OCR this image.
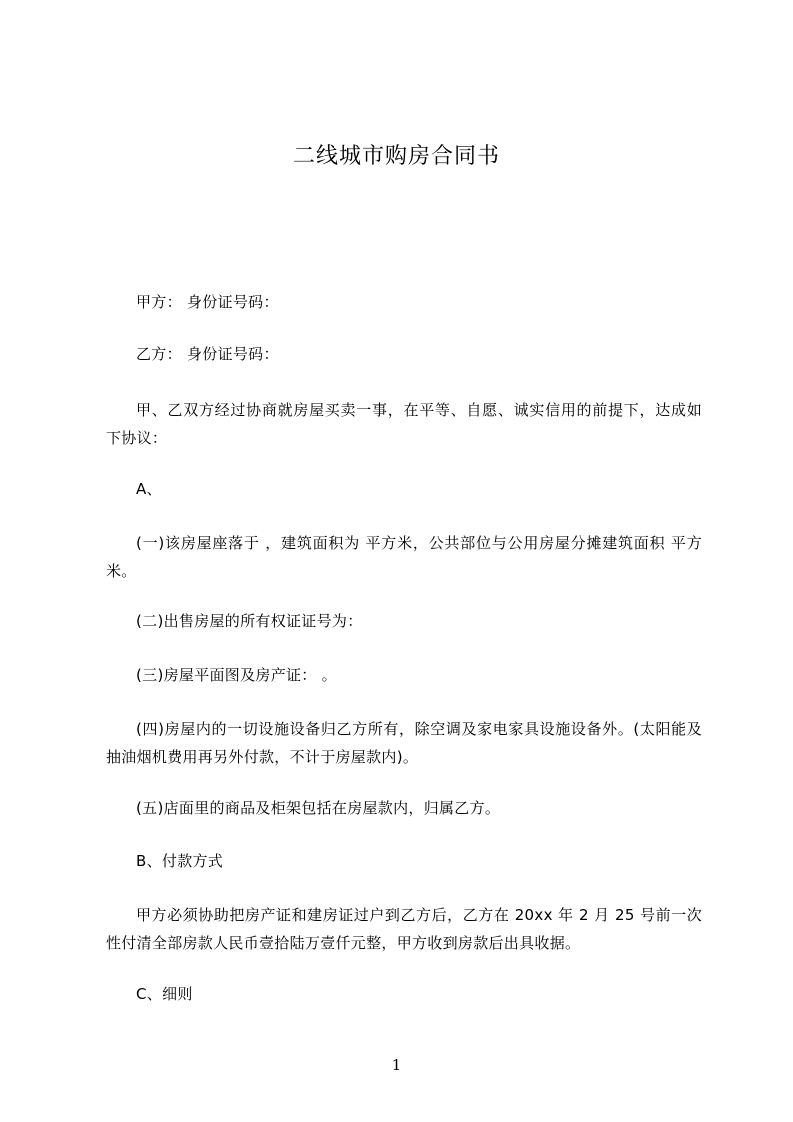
二线城市购房合同书
甲方： 身份证号码：
乙方： 身份证号码：
甲、乙双方经过协商就房屋买卖一事，在平等、自愿、诚实信用的前提下，达成如下协议：
A、
(一)该房屋座落于 ，建筑面积为 平方米，公共部位与公用房屋分摊建筑面积 平方米。
(二)出售房屋的所有权证证号为：
(三)房屋平面图及房产证： 。
(四)房屋内的一切设施设备归乙方所有，除空调及家电家具设施设备外。(太阳能及抽油烟机费用再另外付款，不计于房屋款内)。
(五)店面里的商品及柜架包括在房屋款内，归属乙方。
B、付款方式
甲方必须协助把房产证和建房证过户到乙方后，乙方在 20xx 年 2 月 25 号前一次性付清全部房款人民币壹拾陆万壹仟元整，甲方收到房款后出具收据。
C、细则
1
